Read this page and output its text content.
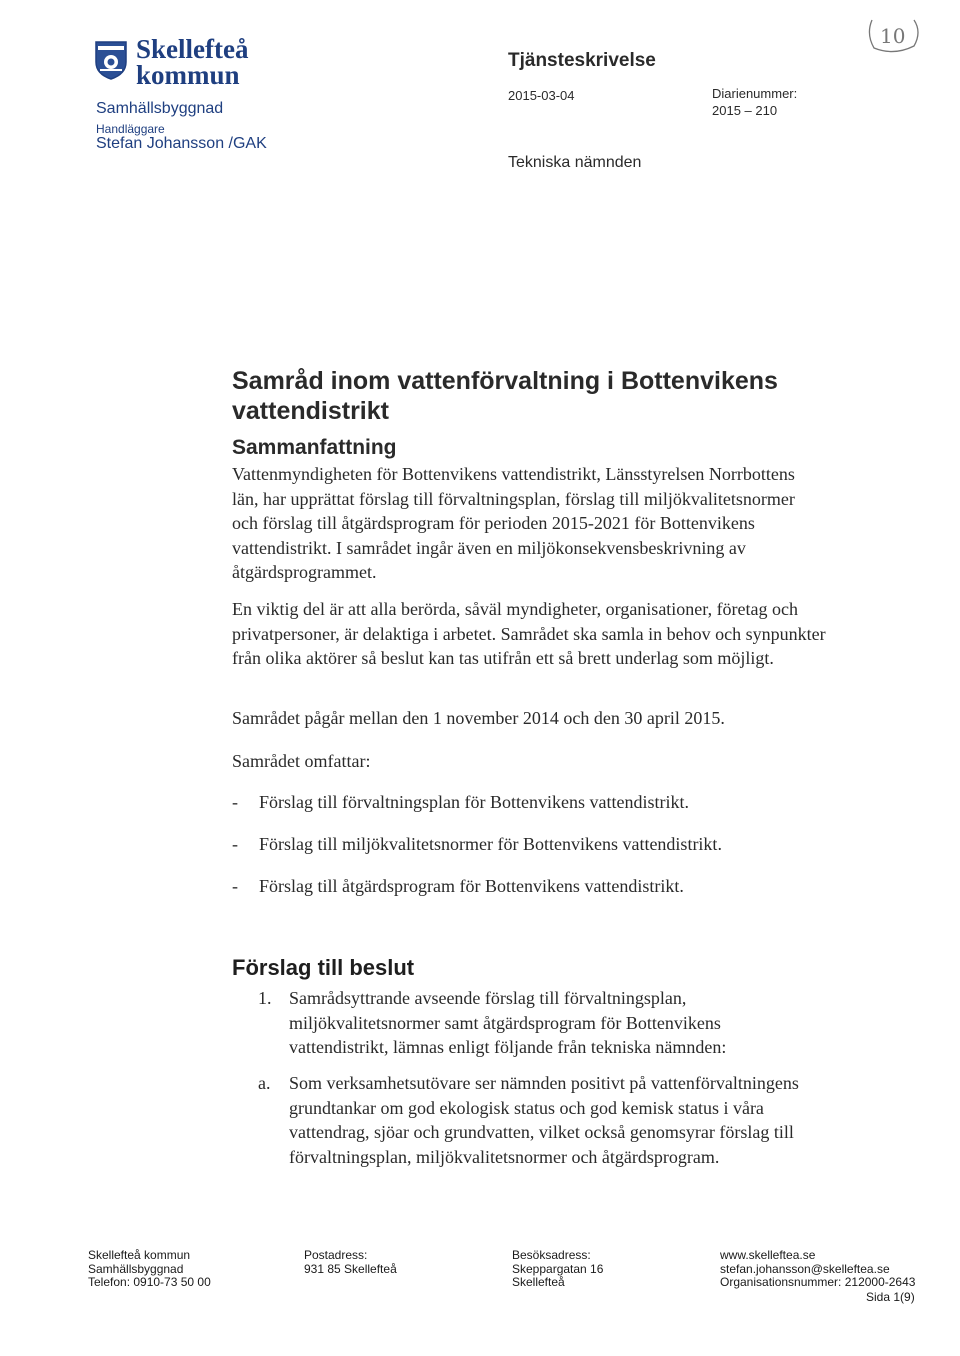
Skellefteå
kommun
Samhällsbyggnad
Handläggare
Stefan Johansson /GAK
Tjänsteskrivelse
2015-03-04	Diarienummer:
2015 – 210
Tekniska nämnden
10
Samråd inom vattenförvaltning i Bottenvikens vattendistrikt
Sammanfattning
Vattenmyndigheten för Bottenvikens vattendistrikt, Länsstyrelsen Norrbottens län, har upprättat förslag till förvaltningsplan, förslag till miljökvalitetsnormer och förslag till åtgärdsprogram för perioden 2015-2021 för Bottenvikens vattendistrikt. I samrådet ingår även en miljökonsekvensbeskrivning av åtgärdsprogrammet.
En viktig del är att alla berörda, såväl myndigheter, organisationer, företag och privatpersoner, är delaktiga i arbetet. Samrådet ska samla in behov och synpunkter från olika aktörer så beslut kan tas utifrån ett så brett underlag som möjligt.
Samrådet pågår mellan den 1 november 2014 och den 30 april 2015.
Samrådet omfattar:
-	Förslag till förvaltningsplan för Bottenvikens vattendistrikt.
-	Förslag till miljökvalitetsnormer för Bottenvikens vattendistrikt.
-	Förslag till åtgärdsprogram för Bottenvikens vattendistrikt.
Förslag till beslut
1. Samrådsyttrande avseende förslag till förvaltningsplan, miljökvalitetsnormer samt åtgärdsprogram för Bottenvikens vattendistrikt, lämnas enligt följande från tekniska nämnden:
a. Som verksamhetsutövare ser nämnden positivt på vattenförvaltningens grundtankar om god ekologisk status och god kemisk status i våra vattendrag, sjöar och grundvatten, vilket också genomsyrar förslag till förvaltningsplan, miljökvalitetsnormer och åtgärdsprogram.
Skellefteå kommun
Samhällsbyggnad
Telefon: 0910-73 50 00
Postadress:
931 85 Skellefteå
Besöksadress:
Skeppargatan 16
Skellefteå
www.skelleftea.se
stefan.johansson@skelleftea.se
Organisationsnummer: 212000-2643
Sida 1(9)
